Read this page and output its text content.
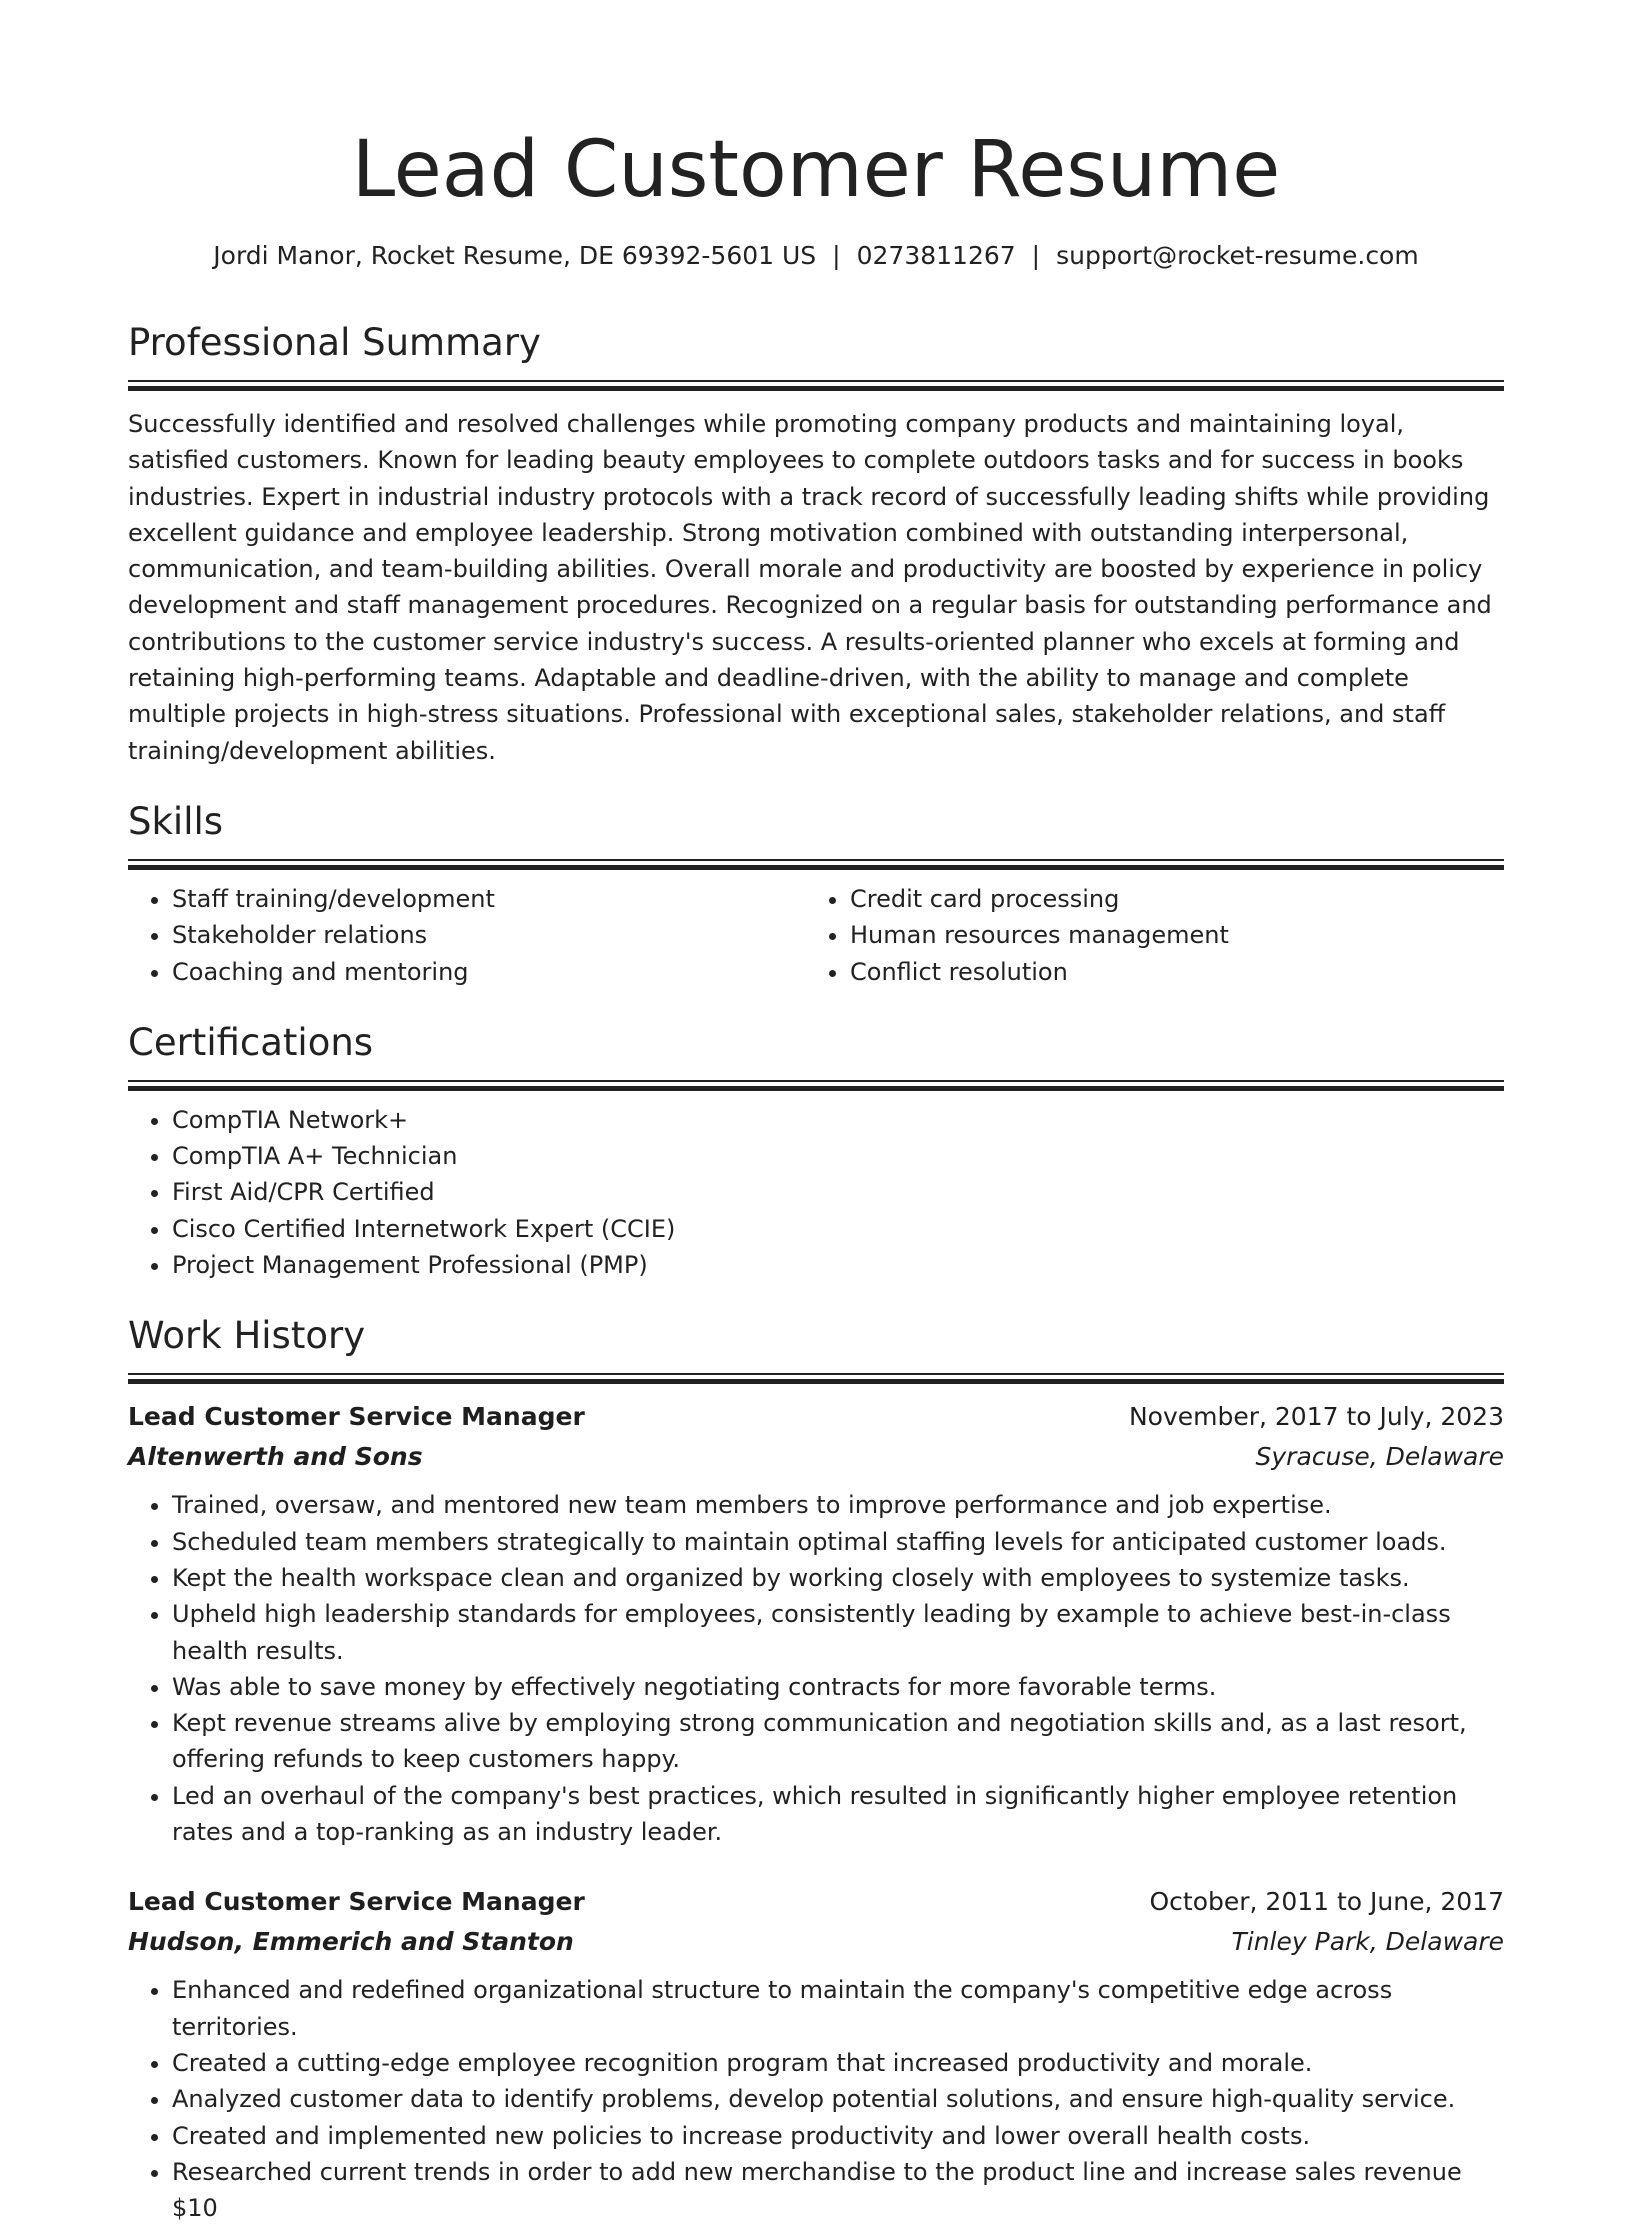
Lead Customer Resume
Jordi Manor, Rocket Resume, DE 69392-5601 US | 0273811267 | support@rocket-resume.com
Professional Summary

Successfully identified and resolved challenges while promoting company products and maintaining loyal, satisfied customers. Known for leading beauty employees to complete outdoors tasks and for success in books industries. Expert in industrial industry protocols with a track record of successfully leading shifts while providing excellent guidance and employee leadership. Strong motivation combined with outstanding interpersonal, communication, and team-building abilities. Overall morale and productivity are boosted by experience in policy development and staff management procedures. Recognized on a regular basis for outstanding performance and contributions to the customer service industry's success. A results-oriented planner who excels at forming and retaining high-performing teams. Adaptable and deadline-driven, with the ability to manage and complete multiple projects in high-stress situations. Professional with exceptional sales, stakeholder relations, and staff training/development abilities.

Skills
• Staff training/development
• Stakeholder relations
• Coaching and mentoring
• Credit card processing
• Human resources management
• Conflict resolution
Certifications
• CompTIA Network+
• CompTIA A+ Technician
• First Aid/CPR Certified
• Cisco Certified Internetwork Expert (CCIE)
• Project Management Professional (PMP)
Work History
Lead Customer Service Manager	November, 2017 to July, 2023
Altenwerth and Sons	Syracuse, Delaware
• Trained, oversaw, and mentored new team members to improve performance and job expertise.
• Scheduled team members strategically to maintain optimal staffing levels for anticipated customer loads.
• Kept the health workspace clean and organized by working closely with employees to systemize tasks.
• Upheld high leadership standards for employees, consistently leading by example to achieve best-in-class health results.
• Was able to save money by effectively negotiating contracts for more favorable terms.
• Kept revenue streams alive by employing strong communication and negotiation skills and, as a last resort, offering refunds to keep customers happy.
• Led an overhaul of the company's best practices, which resulted in significantly higher employee retention rates and a top-ranking as an industry leader.
Lead Customer Service Manager	October, 2011 to June, 2017
Hudson, Emmerich and Stanton	Tinley Park, Delaware
• Enhanced and redefined organizational structure to maintain the company's competitive edge across territories.
• Created a cutting-edge employee recognition program that increased productivity and morale.
• Analyzed customer data to identify problems, develop potential solutions, and ensure high-quality service.
• Created and implemented new policies to increase productivity and lower overall health costs.
• Researched current trends in order to add new merchandise to the product line and increase sales revenue $10
